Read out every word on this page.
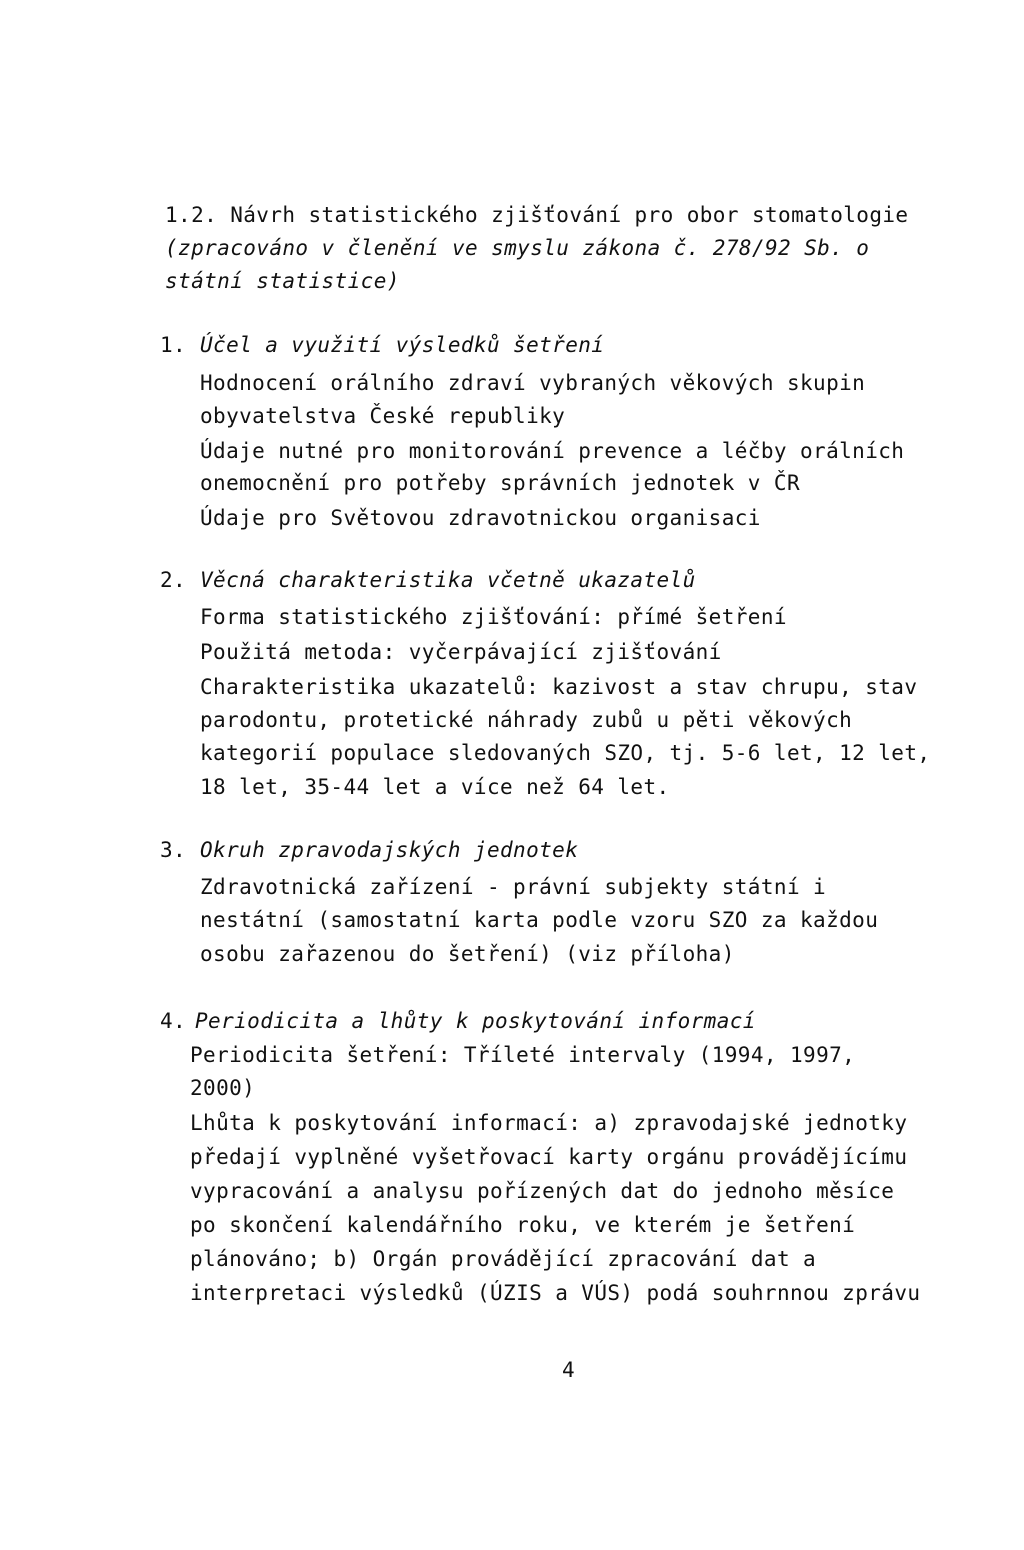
1.2. Návrh statistického zjišťování pro obor stomatologie
(zpracováno v členění ve smyslu zákona č. 278/92 Sb. o
státní statistice)
1. Účel a využití výsledků šetření
Hodnocení orálního zdraví vybraných věkových skupin
obyvatelstva České republiky
Údaje nutné pro monitorování prevence a léčby orálních
onemocnění pro potřeby správních jednotek v ČR
Údaje pro Světovou zdravotnickou organisaci
2. Věcná charakteristika včetně ukazatelů
Forma statistického zjišťování: přímé šetření
Použitá metoda: vyčerpávající zjišťování
Charakteristika ukazatelů: kazivost a stav chrupu, stav
parodontu, protetické náhrady zubů u pěti věkových
kategorií populace sledovaných SZO, tj. 5-6 let, 12 let,
18 let, 35-44 let a více než 64 let.
3. Okruh zpravodajských jednotek
Zdravotnická zařízení - právní subjekty státní i
nestátní (samostatní karta podle vzoru SZO za každou
osobu zařazenou do šetření) (viz příloha)
4. Periodicita a lhůty k poskytování informací
Periodicita šetření: Tříleté intervaly (1994, 1997,
2000)
Lhůta k poskytování informací: a) zpravodajské jednotky
předají vyplněné vyšetřovací karty orgánu provádějícímu
vypracování a analysu pořízených dat do jednoho měsíce
po skončení kalendářního roku, ve kterém je šetření
plánováno; b) Orgán provádějící zpracování dat a
interpretaci výsledků (ÚZIS a VÚS) podá souhrnnou zprávu
4
